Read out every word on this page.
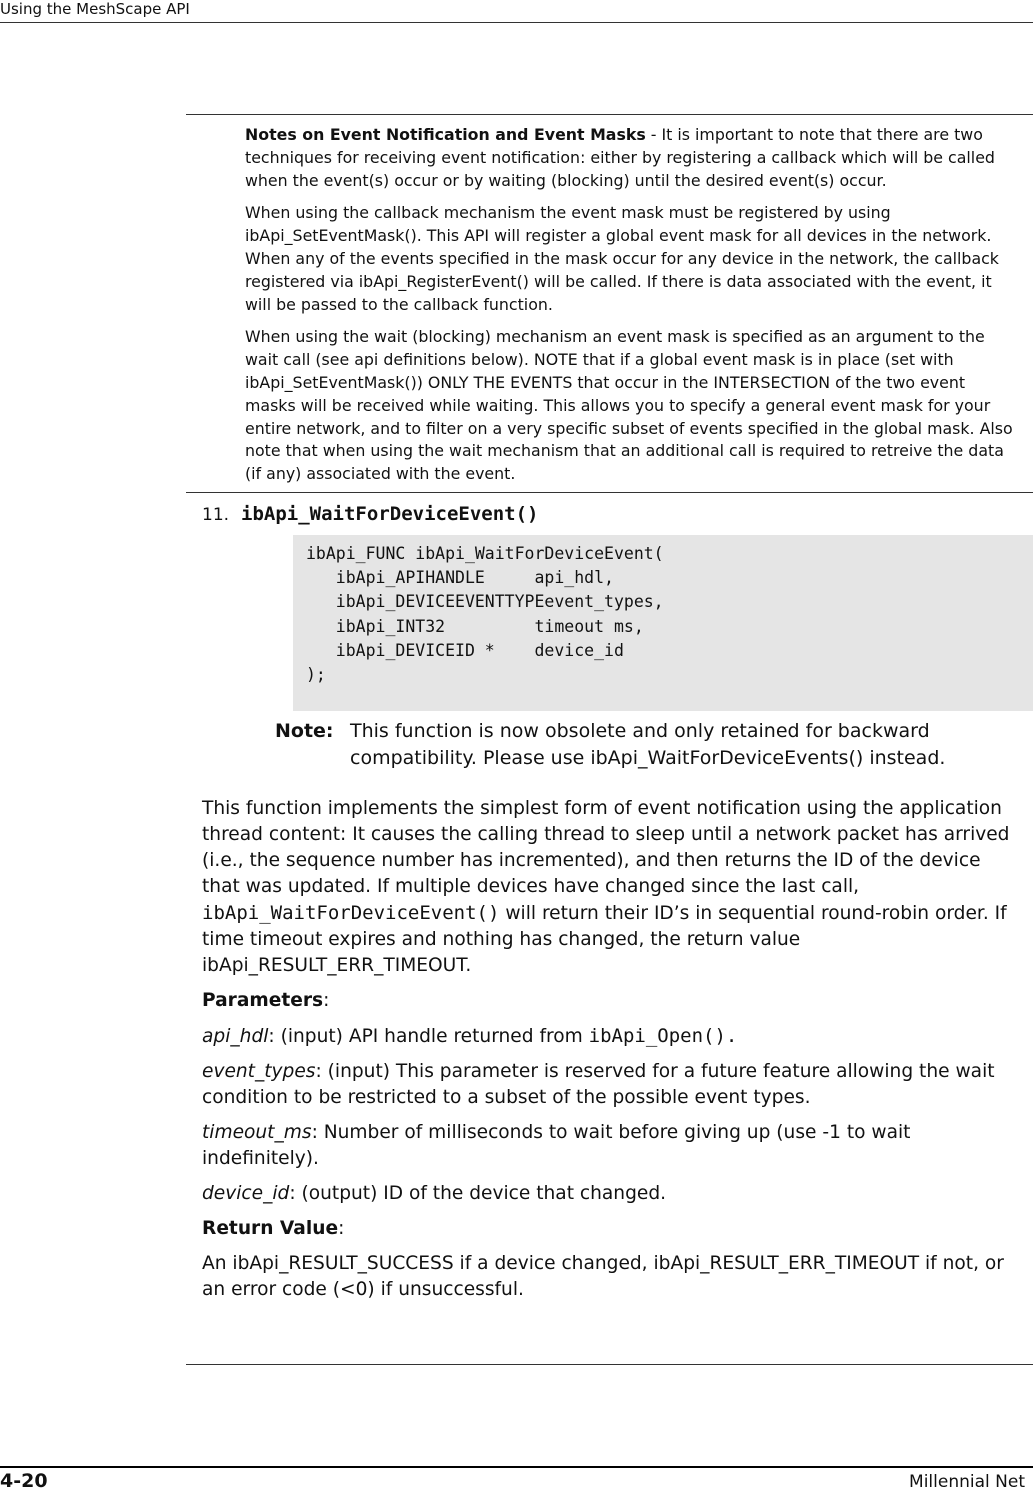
Using the MeshScape API

Notes on Event Notification and Event Masks - It is important to note that there are two techniques for receiving event notification: either by registering a callback which will be called when the event(s) occur or by waiting (blocking) until the desired event(s) occur.

When using the callback mechanism the event mask must be registered by using ibApi_SetEventMask(). This API will register a global event mask for all devices in the network. When any of the events specified in the mask occur for any device in the network, the callback registered via ibApi_RegisterEvent() will be called. If there is data associated with the event, it will be passed to the callback function.

When using the wait (blocking) mechanism an event mask is specified as an argument to the wait call (see api definitions below). NOTE that if a global event mask is in place (set with ibApi_SetEventMask()) ONLY THE EVENTS that occur in the INTERSECTION of the two event masks will be received while waiting. This allows you to specify a general event mask for your entire network, and to filter on a very specific subset of events specified in the global mask. Also note that when using the wait mechanism that an additional call is required to retreive the data (if any) associated with the event.

11. ibApi_WaitForDeviceEvent()
ibApi_FUNC ibApi_WaitForDeviceEvent(
ibApi_APIHANDLE     api_hdl,
ibApi_DEVICEEVENTTYPEevent_types,
ibApi_INT32         timeout ms,
ibApi_DEVICEID *    device_id
);
Note: This function is now obsolete and only retained for backward compatibility. Please use ibApi_WaitForDeviceEvents() instead.

This function implements the simplest form of event notification using the application thread content: It causes the calling thread to sleep until a network packet has arrived (i.e., the sequence number has incremented), and then returns the ID of the device that was updated. If multiple devices have changed since the last call, ibApi_WaitForDeviceEvent() will return their ID’s in sequential round-robin order. If time timeout expires and nothing has changed, the return value ibApi_RESULT_ERR_TIMEOUT.

Parameters:

api_hdl: (input) API handle returned from ibApi_Open().

event_types: (input) This parameter is reserved for a future feature allowing the wait condition to be restricted to a subset of the possible event types.

timeout_ms: Number of milliseconds to wait before giving up (use -1 to wait indefinitely).

device_id: (output) ID of the device that changed.

Return Value:

An ibApi_RESULT_SUCCESS if a device changed, ibApi_RESULT_ERR_TIMEOUT if not, or an error code (<0) if unsuccessful.

4-20	Millennial Net
